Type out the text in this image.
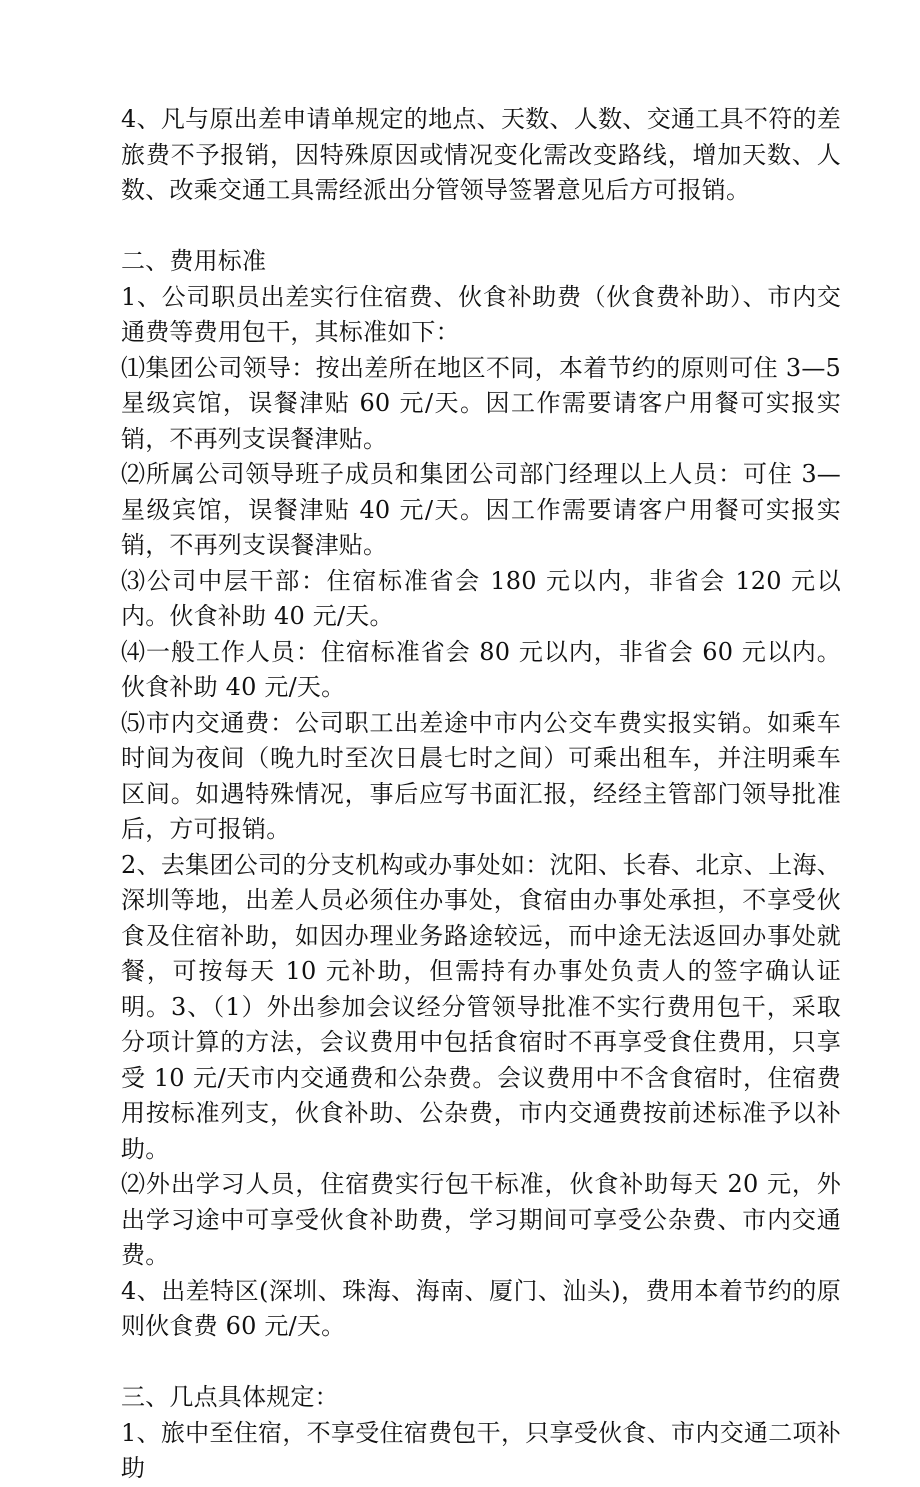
4、凡与原出差申请单规定的地点、天数、人数、交通工具不符的差旅费不予报销，因特殊原因或情况变化需改变路线，增加天数、人数、改乘交通工具需经派出分管领导签署意见后方可报销。

二、费用标准

1、公司职员出差实行住宿费、伙食补助费（伙食费补助）、市内交通费等费用包干，其标准如下：

⑴集团公司领导：按出差所在地区不同，本着节约的原则可住 3—5 星级宾馆，误餐津贴 60 元/天。因工作需要请客户用餐可实报实销，不再列支误餐津贴。

⑵所属公司领导班子成员和集团公司部门经理以上人员：可住 3—星级宾馆，误餐津贴 40 元/天。因工作需要请客户用餐可实报实销，不再列支误餐津贴。

⑶公司中层干部：住宿标准省会 180 元以内，非省会 120 元以内。伙食补助 40 元/天。

⑷一般工作人员：住宿标准省会 80 元以内，非省会 60 元以内。伙食补助 40 元/天。

⑸市内交通费：公司职工出差途中市内公交车费实报实销。如乘车时间为夜间（晚九时至次日晨七时之间）可乘出租车，并注明乘车区间。如遇特殊情况，事后应写书面汇报，经经主管部门领导批准后，方可报销。

2、去集团公司的分支机构或办事处如：沈阳、长春、北京、上海、深圳等地，出差人员必须住办事处，食宿由办事处承担，不享受伙食及住宿补助，如因办理业务路途较远，而中途无法返回办事处就餐，可按每天 10 元补助，但需持有办事处负责人的签字确认证明。3、（1）外出参加会议经分管领导批准不实行费用包干，采取分项计算的方法，会议费用中包括食宿时不再享受食住费用，只享受 10 元/天市内交通费和公杂费。会议费用中不含食宿时，住宿费用按标准列支，伙食补助、公杂费，市内交通费按前述标准予以补助。

⑵外出学习人员，住宿费实行包干标准，伙食补助每天 20 元，外出学习途中可享受伙食补助费，学习期间可享受公杂费、市内交通费。

4、出差特区(深圳、珠海、海南、厦门、汕头)，费用本着节约的原则伙食费 60 元/天。

三、几点具体规定：

1、旅中至住宿，不享受住宿费包干，只享受伙食、市内交通二项补助
